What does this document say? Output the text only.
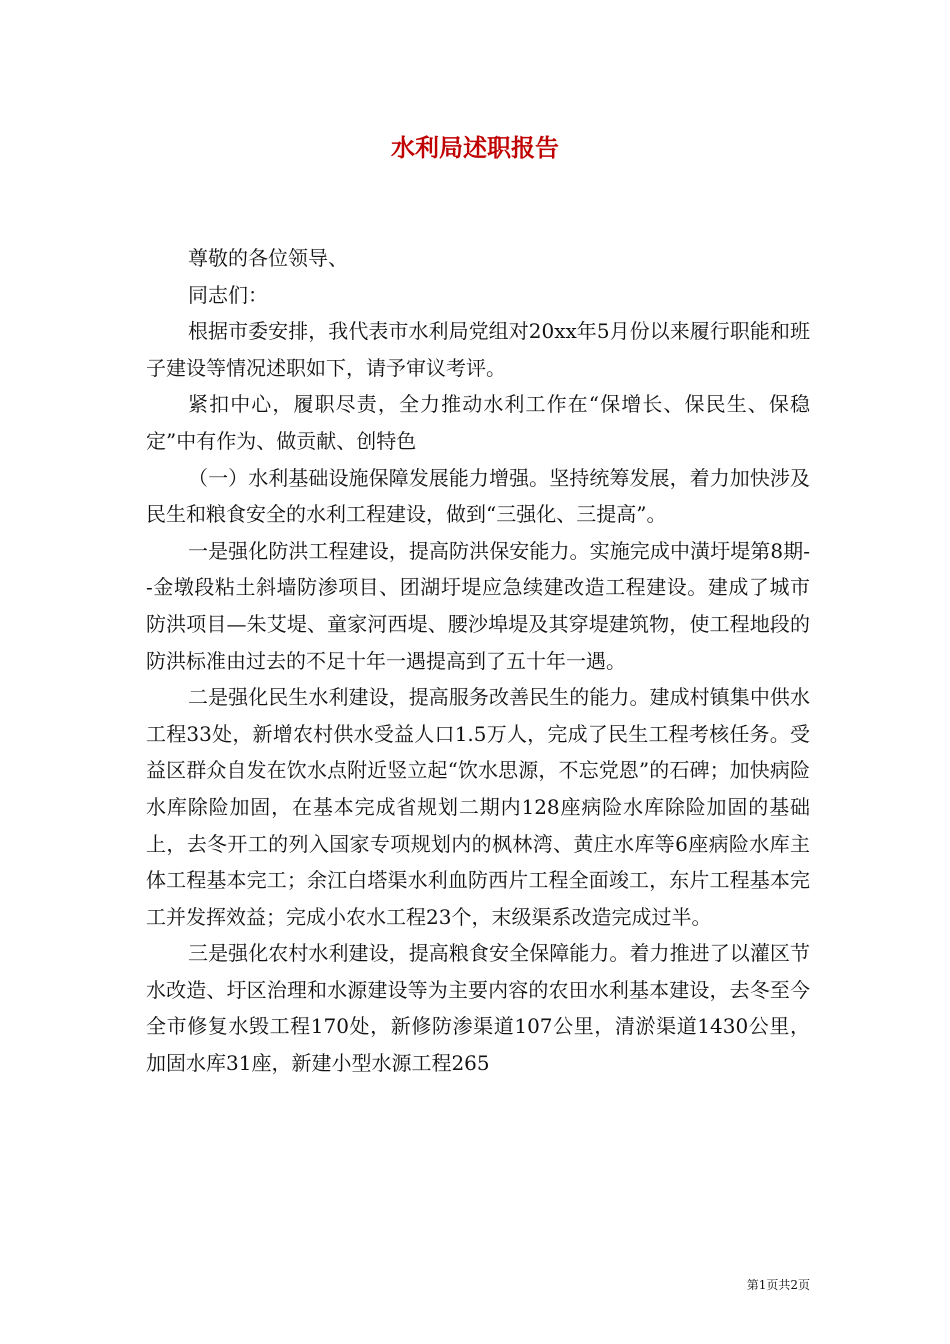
水利局述职报告

尊敬的各位领导、

同志们：

根据市委安排，我代表市水利局党组对20xx年5月份以来履行职能和班子建设等情况述职如下，请予审议考评。

紧扣中心，履职尽责，全力推动水利工作在“保增长、保民生、保稳定”中有作为、做贡献、创特色

（一）水利基础设施保障发展能力增强。坚持统筹发展，着力加快涉及民生和粮食安全的水利工程建设，做到“三强化、三提高”。

一是强化防洪工程建设，提高防洪保安能力。实施完成中潢圩堤第8期--金墩段粘土斜墙防渗项目、团湖圩堤应急续建改造工程建设。建成了城市防洪项目—朱艾堤、童家河西堤、腰沙埠堤及其穿堤建筑物，使工程地段的防洪标准由过去的不足十年一遇提高到了五十年一遇。

二是强化民生水利建设，提高服务改善民生的能力。建成村镇集中供水工程33处，新增农村供水受益人口1.5万人，完成了民生工程考核任务。受益区群众自发在饮水点附近竖立起“饮水思源，不忘党恩”的石碑；加快病险水库除险加固，在基本完成省规划二期内128座病险水库除险加固的基础上，去冬开工的列入国家专项规划内的枫林湾、黄庄水库等6座病险水库主体工程基本完工；余江白塔渠水利血防西片工程全面竣工，东片工程基本完工并发挥效益；完成小农水工程23个，末级渠系改造完成过半。

三是强化农村水利建设，提高粮食安全保障能力。着力推进了以灌区节水改造、圩区治理和水源建设等为主要内容的农田水利基本建设，去冬至今全市修复水毁工程170处，新修防渗渠道107公里，清淤渠道1430公里，加固水库31座，新建小型水源工程265

第1页共2页
